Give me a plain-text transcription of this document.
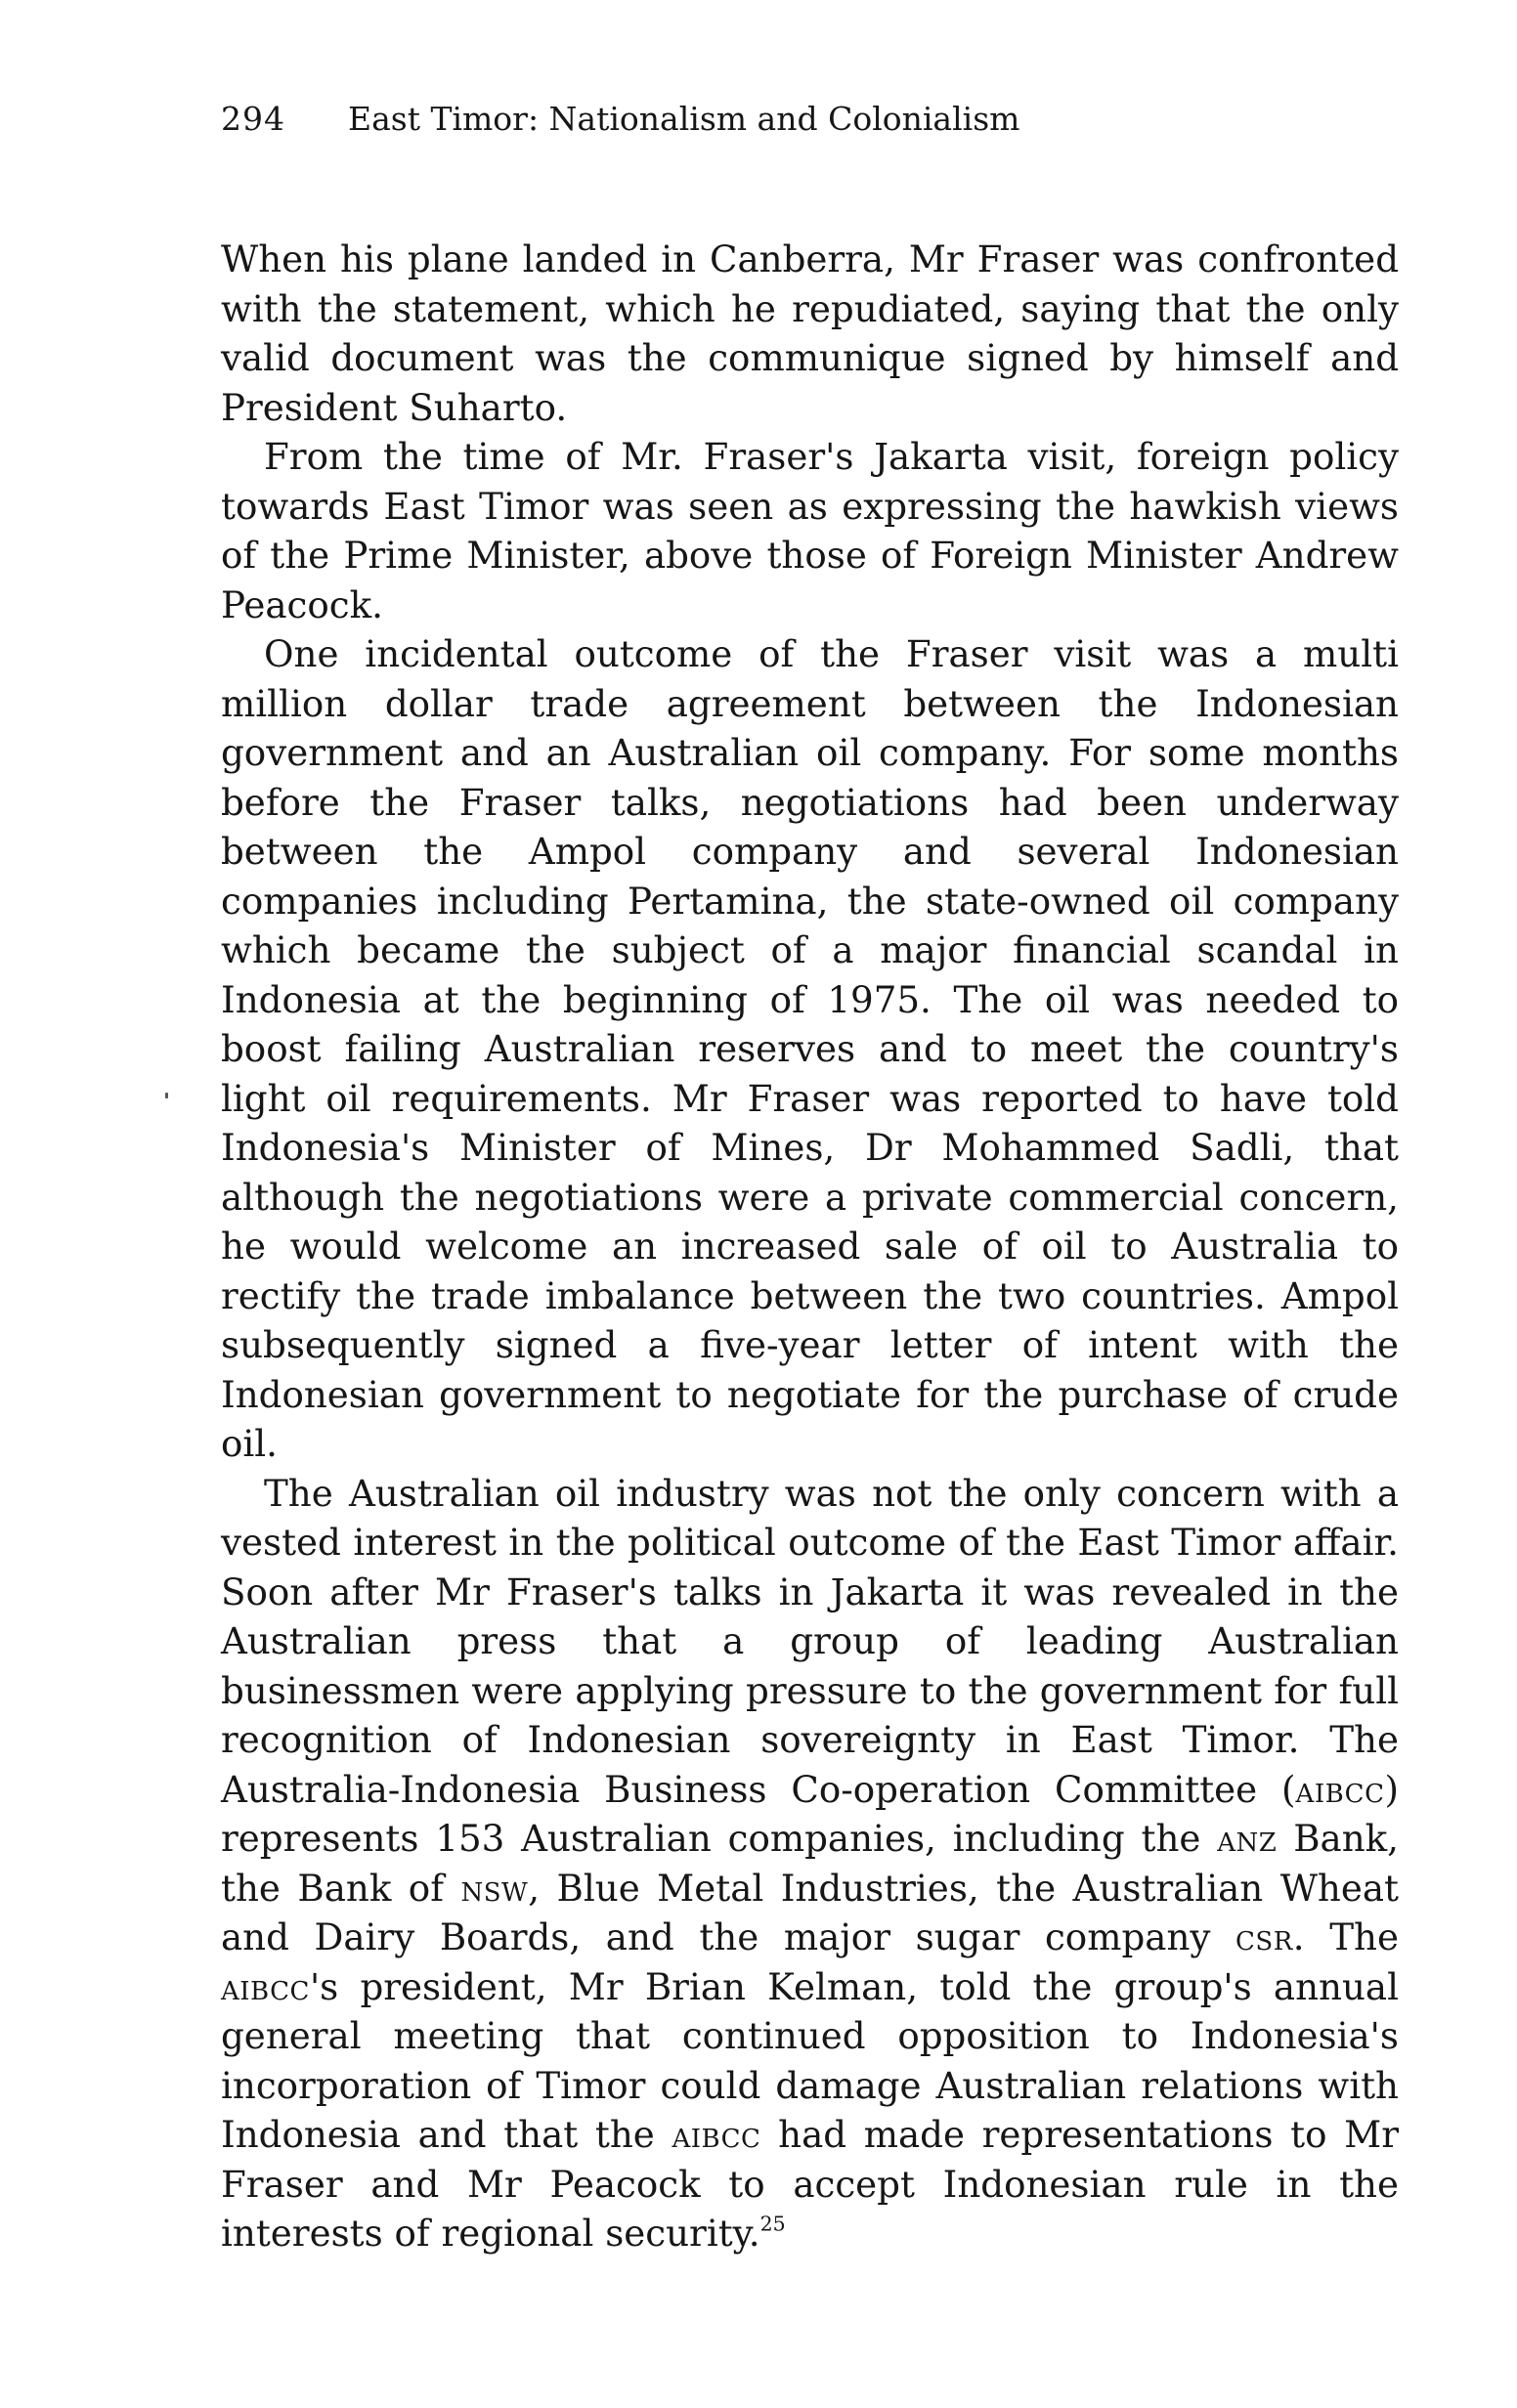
294 East Timor: Nationalism and Colonialism

When his plane landed in Canberra, Mr Fraser was confronted with the statement, which he repudiated, saying that the only valid document was the communique signed by himself and President Suharto.

From the time of Mr. Fraser's Jakarta visit, foreign policy towards East Timor was seen as expressing the hawkish views of the Prime Minister, above those of Foreign Minister Andrew Peacock.

One incidental outcome of the Fraser visit was a multi million dollar trade agreement between the Indonesian government and an Australian oil company. For some months before the Fraser talks, negotiations had been underway between the Ampol company and several Indonesian companies including Pertamina, the state-owned oil company which became the subject of a major financial scandal in Indonesia at the beginning of 1975. The oil was needed to boost failing Australian reserves and to meet the country's light oil requirements. Mr Fraser was reported to have told Indonesia's Minister of Mines, Dr Mohammed Sadli, that although the negotiations were a private commercial concern, he would welcome an increased sale of oil to Australia to rectify the trade imbalance between the two countries. Ampol subsequently signed a five-year letter of intent with the Indonesian government to negotiate for the purchase of crude oil.

The Australian oil industry was not the only concern with a vested interest in the political outcome of the East Timor affair. Soon after Mr Fraser's talks in Jakarta it was revealed in the Australian press that a group of leading Australian businessmen were applying pressure to the government for full recognition of Indonesian sovereignty in East Timor. The Australia-Indonesia Business Co-operation Committee (aibcc) represents 153 Australian companies, including the anz Bank, the Bank of nsw, Blue Metal Industries, the Australian Wheat and Dairy Boards, and the major sugar company csr. The aibcc's president, Mr Brian Kelman, told the group's annual general meeting that continued opposition to Indonesia's incorporation of Timor could damage Australian relations with Indonesia and that the aibcc had made representations to Mr Fraser and Mr Peacock to accept Indonesian rule in the interests of regional security.$^{25}$
